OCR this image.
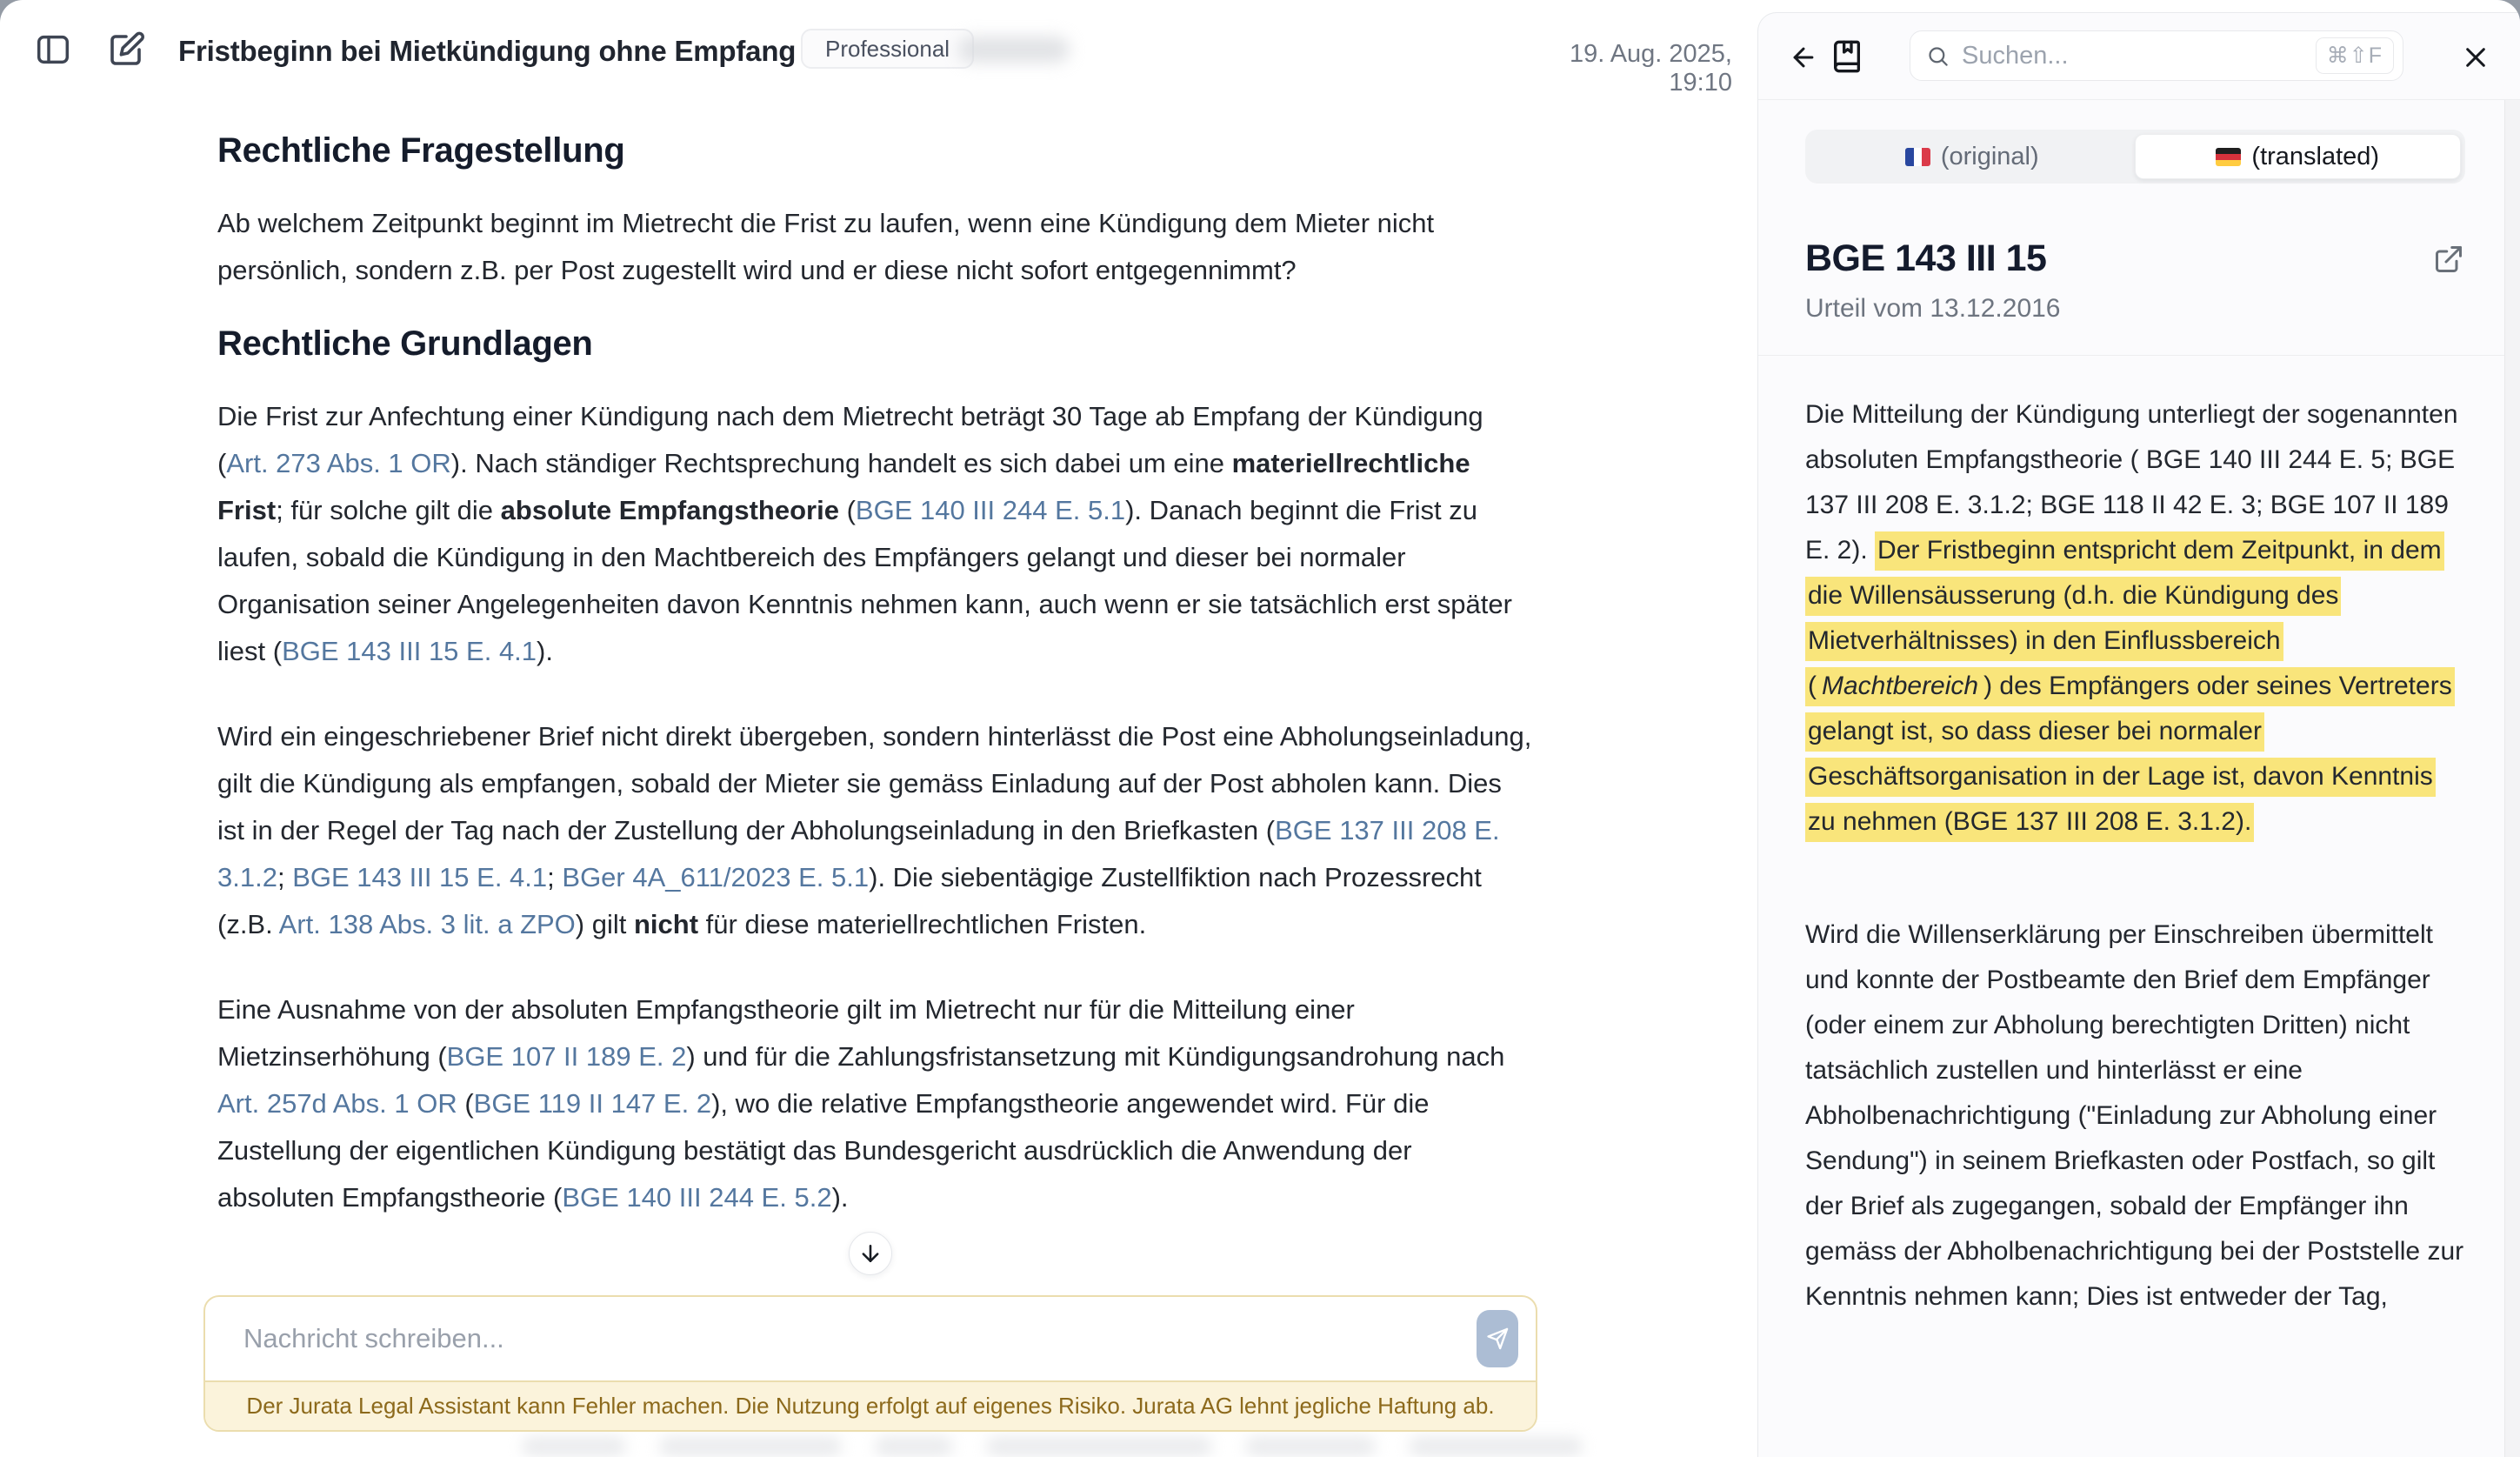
Fristbeginn bei Mietkündigung ohne Empfang	Professional	19. Aug. 2025, 19:10
Rechtliche Fragestellung

Ab welchem Zeitpunkt beginnt im Mietrecht die Frist zu laufen, wenn eine Kündigung dem Mieter nicht persönlich, sondern z.B. per Post zugestellt wird und er diese nicht sofort entgegennimmt?

Rechtliche Grundlagen

Die Frist zur Anfechtung einer Kündigung nach dem Mietrecht beträgt 30 Tage ab Empfang der Kündigung (Art. 273 Abs. 1 OR). Nach ständiger Rechtsprechung handelt es sich dabei um eine materiellrechtliche Frist; für solche gilt die absolute Empfangstheorie (BGE 140 III 244 E. 5.1). Danach beginnt die Frist zu laufen, sobald die Kündigung in den Machtbereich des Empfängers gelangt und dieser bei normaler Organisation seiner Angelegenheiten davon Kenntnis nehmen kann, auch wenn er sie tatsächlich erst später liest (BGE 143 III 15 E. 4.1).

Wird ein eingeschriebener Brief nicht direkt übergeben, sondern hinterlässt die Post eine Abholungseinladung, gilt die Kündigung als empfangen, sobald der Mieter sie gemäss Einladung auf der Post abholen kann. Dies ist in der Regel der Tag nach der Zustellung der Abholungseinladung in den Briefkasten (BGE 137 III 208 E. 3.1.2; BGE 143 III 15 E. 4.1; BGer 4A_611/2023 E. 5.1). Die siebentägige Zustellfiktion nach Prozessrecht (z.B. Art. 138 Abs. 3 lit. a ZPO) gilt nicht für diese materiellrechtlichen Fristen.

Eine Ausnahme von der absoluten Empfangstheorie gilt im Mietrecht nur für die Mitteilung einer Mietzinserhöhung (BGE 107 II 189 E. 2) und für die Zahlungsfristansetzung mit Kündigungsandrohung nach Art. 257d Abs. 1 OR (BGE 119 II 147 E. 2), wo die relative Empfangstheorie angewendet wird. Für die Zustellung der eigentlichen Kündigung bestätigt das Bundesgericht ausdrücklich die Anwendung der absoluten Empfangstheorie (BGE 140 III 244 E. 5.2).

Nachricht schreiben...
Der Jurata Legal Assistant kann Fehler machen. Die Nutzung erfolgt auf eigenes Risiko. Jurata AG lehnt jegliche Haftung ab.
Suchen...
⌘⇧F
(original)	(translated)
BGE 143 III 15
Urteil vom 13.12.2016

Die Mitteilung der Kündigung unterliegt der sogenannten absoluten Empfangstheorie ( BGE 140 III 244 E. 5; BGE 137 III 208 E. 3.1.2; BGE 118 II 42 E. 3; BGE 107 II 189 E. 2). Der Fristbeginn entspricht dem Zeitpunkt, in dem die Willensäusserung (d.h. die Kündigung des Mietverhältnisses) in den Einflussbereich ( Machtbereich ) des Empfängers oder seines Vertreters gelangt ist, so dass dieser bei normaler Geschäftsorganisation in der Lage ist, davon Kenntnis zu nehmen (BGE 137 III 208 E. 3.1.2).

Wird die Willenserklärung per Einschreiben übermittelt und konnte der Postbeamte den Brief dem Empfänger (oder einem zur Abholung berechtigten Dritten) nicht tatsächlich zustellen und hinterlässt er eine Abholbenachrichtigung ("Einladung zur Abholung einer Sendung") in seinem Briefkasten oder Postfach, so gilt der Brief als zugegangen, sobald der Empfänger ihn gemäss der Abholbenachrichtigung bei der Poststelle zur Kenntnis nehmen kann; Dies ist entweder der Tag,
